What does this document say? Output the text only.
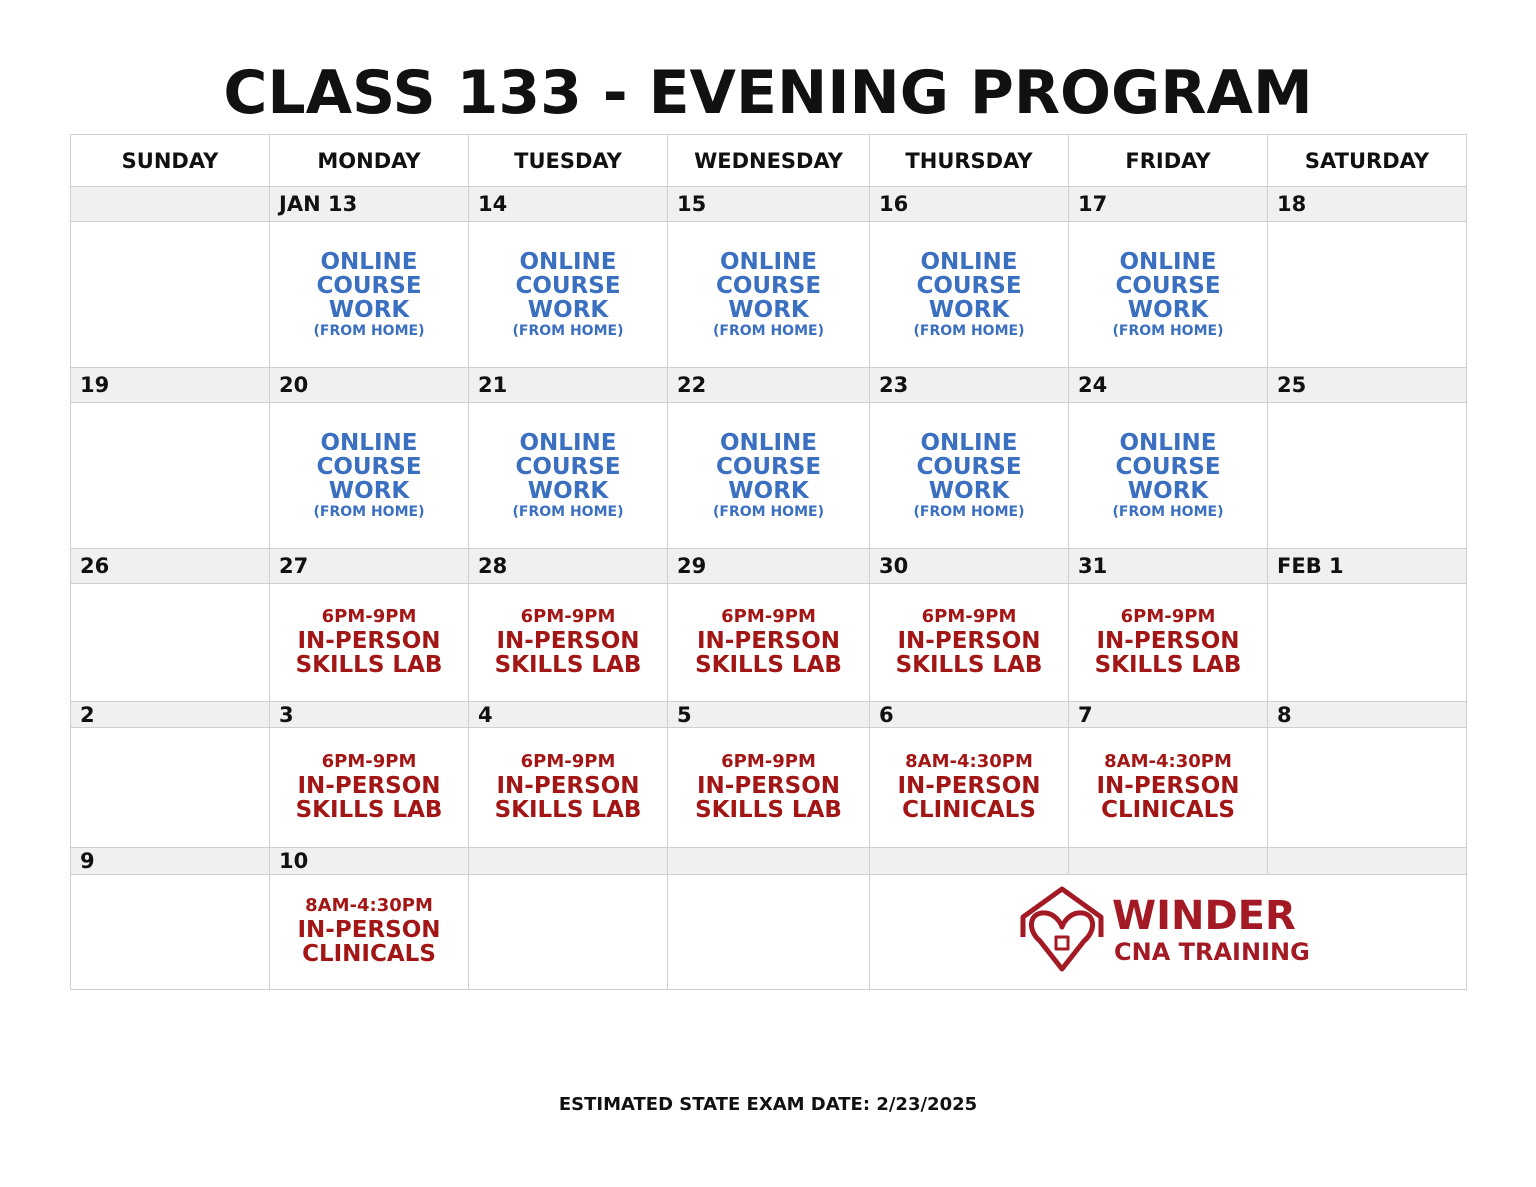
CLASS 133 - EVENING PROGRAM
SUNDAY	MONDAY	TUESDAY	WEDNESDAY	THURSDAY	FRIDAY	SATURDAY
	JAN 13	14	15	16	17	18

	ONLINE
COURSE
WORK
(FROM HOME)	ONLINE
COURSE
WORK
(FROM HOME)	ONLINE
COURSE
WORK
(FROM HOME)	ONLINE
COURSE
WORK
(FROM HOME)	ONLINE
COURSE
WORK
(FROM HOME)	

19	20	21	22	23	24	25

	ONLINE
COURSE
WORK
(FROM HOME)	ONLINE
COURSE
WORK
(FROM HOME)	ONLINE
COURSE
WORK
(FROM HOME)	ONLINE
COURSE
WORK
(FROM HOME)	ONLINE
COURSE
WORK
(FROM HOME)	

26	27	28	29	30	31	FEB 1

	6PM-9PM
IN-PERSON
SKILLS LAB	6PM-9PM
IN-PERSON
SKILLS LAB	6PM-9PM
IN-PERSON
SKILLS LAB	6PM-9PM
IN-PERSON
SKILLS LAB	6PM-9PM
IN-PERSON
SKILLS LAB	

2	3	4	5	6	7	8

	6PM-9PM
IN-PERSON
SKILLS LAB	6PM-9PM
IN-PERSON
SKILLS LAB	6PM-9PM
IN-PERSON
SKILLS LAB	8AM-4:30PM
IN-PERSON
CLINICALS	8AM-4:30PM
IN-PERSON
CLINICALS	

9	10					

	8AM-4:30PM
IN-PERSON
CLINICALS			WINDER
CNA TRAINING		
ESTIMATED STATE EXAM DATE: 2/23/2025
